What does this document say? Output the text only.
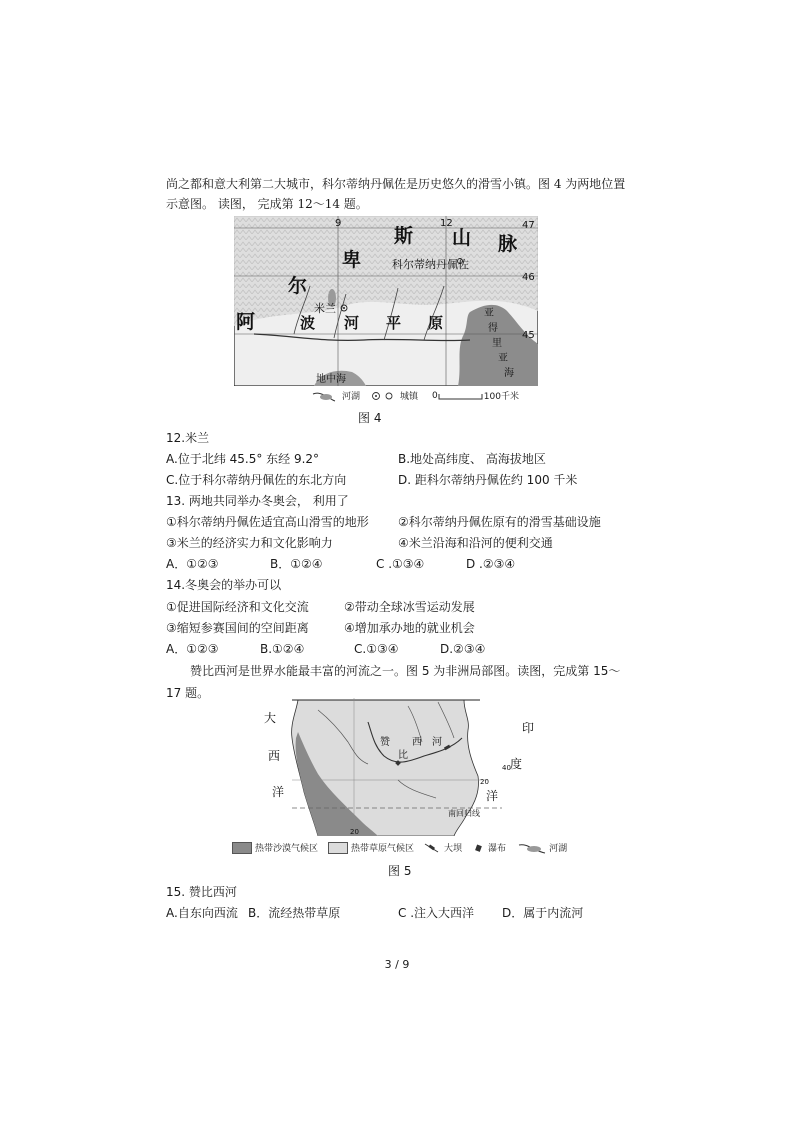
尚之都和意大利第二大城市，科尔蒂纳丹佩佐是历史悠久的滑雪小镇。图 4 为两地位置
示意图。 读图， 完成第 12～14 题。
9	12	47
46
45
阿
尔
卑
斯 山 脉
波 河 平 原
科尔蒂纳丹佩佐
米兰
地中海
亚
得
里
亚
海
河湖	城镇 0	100千米
图 4
12.米兰
A.位于北纬 45.5° 东经 9.2°	B.地处高纬度、 高海拔地区
C.位于科尔蒂纳丹佩佐的东北方向	D. 距科尔蒂纳丹佩佐约 100 千米
13. 两地共同举办冬奥会， 利用了
①科尔蒂纳丹佩佐适宜高山滑雪的地形 ②科尔蒂纳丹佩佐原有的滑雪基础设施
③米兰的经济实力和文化影响力	④米兰沿海和沿河的便利交通
A．①②③	B．①②④	C .①③④	D .②③④
14.冬奥会的举办可以
①促进国际经济和文化交流	②带动全球冰雪运动发展
③缩短参赛国间的空间距离	④增加承办地的就业机会
A．①②③	B.①②④	C.①③④	D.②③④
赞比西河是世界水能最丰富的河流之一。图 5 为非洲局部图。读图，完成第 15～
17 题。
20
40
20
大
西
洋
印
度
洋
赞
比
西 河
南回归线
热带沙漠气候区	热带草原气候区	大坝	瀑布	河湖
图 5
15. 赞比西河
A.自东向西流 B．流经热带草原	C .注入大西洋 D．属于内流河
3 / 9
